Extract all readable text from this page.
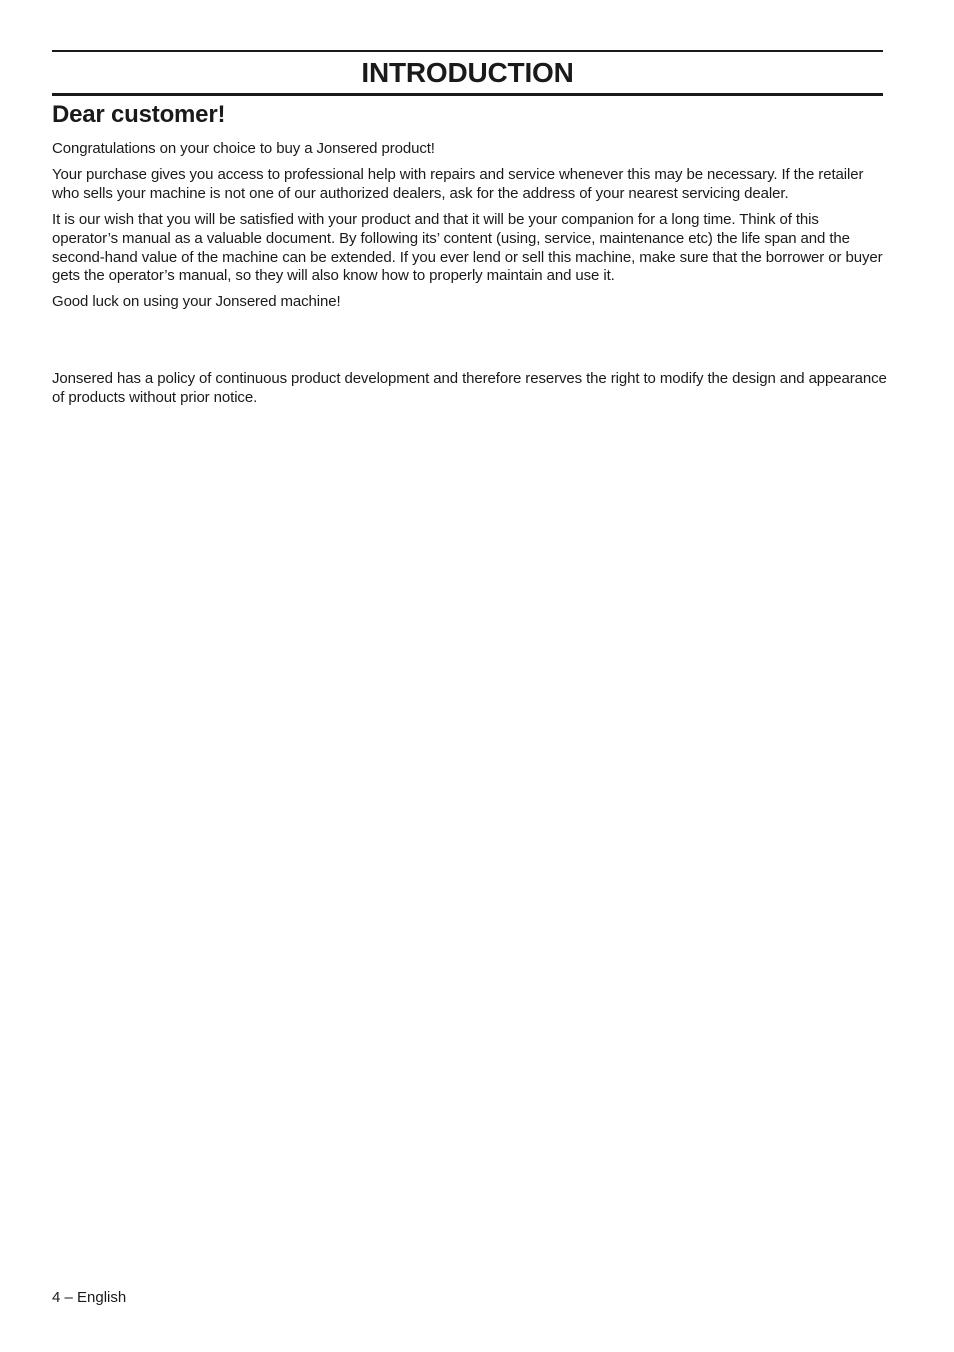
INTRODUCTION
Dear customer!

Congratulations on your choice to buy a Jonsered product!

Your purchase gives you access to professional help with repairs and service whenever this may be necessary. If the retailer who sells your machine is not one of our authorized dealers, ask for the address of your nearest servicing dealer.

It is our wish that you will be satisfied with your product and that it will be your companion for a long time. Think of this operator’s manual as a valuable document. By following its’ content (using, service, maintenance etc) the life span and the second-hand value of the machine can be extended. If you ever lend or sell this machine, make sure that the borrower or buyer gets the operator’s manual, so they will also know how to properly maintain and use it.

Good luck on using your Jonsered machine!

Jonsered has a policy of continuous product development and therefore reserves the right to modify the design and appearance of products without prior notice.

4 – English
